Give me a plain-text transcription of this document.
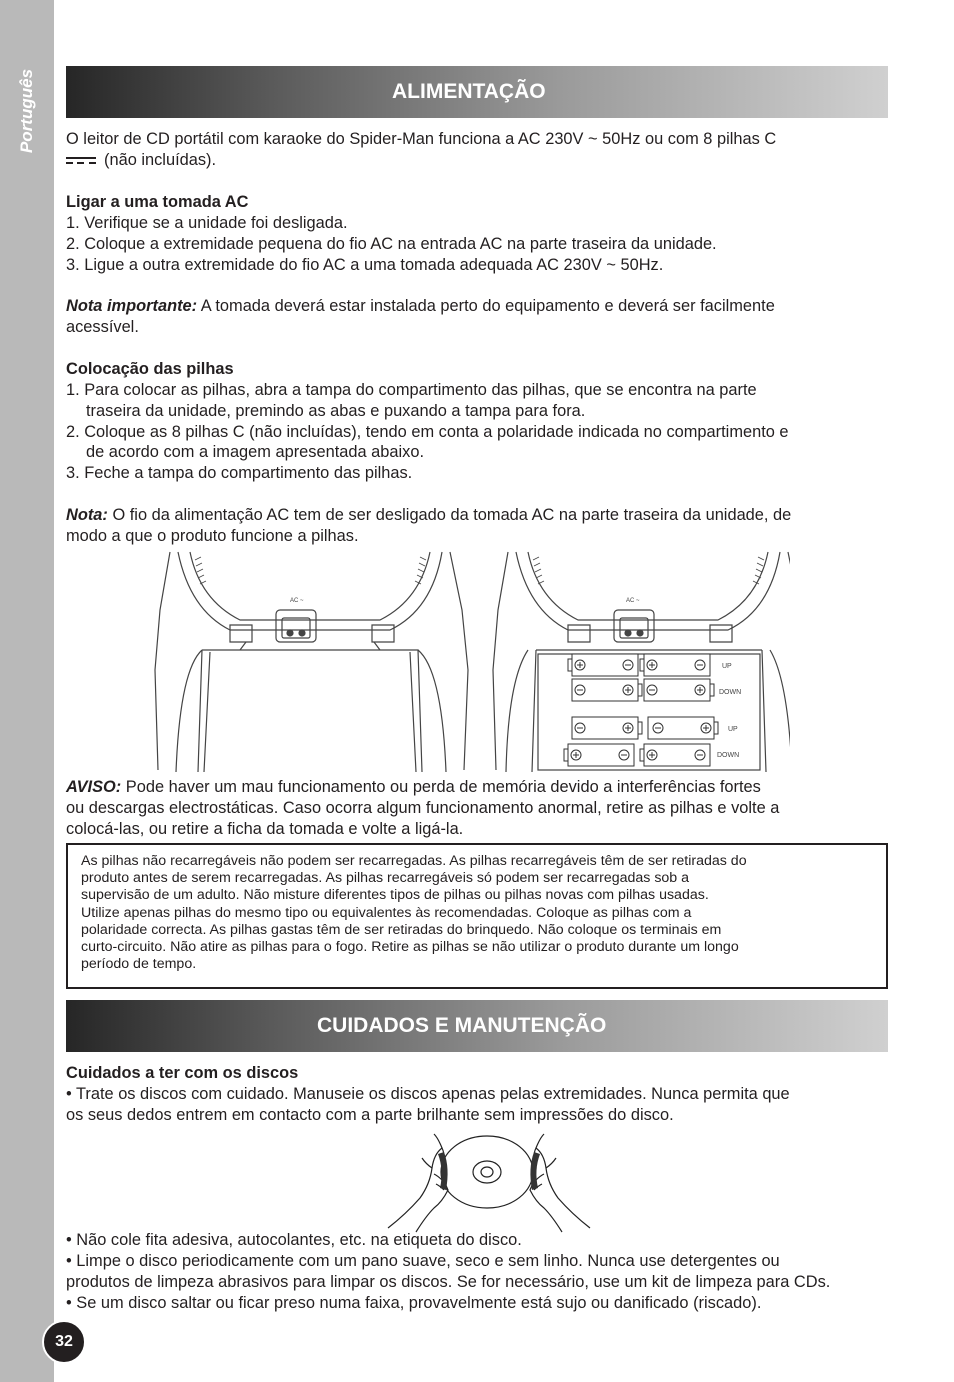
Português
32
ALIMENTAÇÃO
O leitor de CD portátil com karaoke do Spider-Man funciona a AC 230V ~ 50Hz ou com 8 pilhas C
(não incluídas).
Ligar a uma tomada AC
1. Verifique se a unidade foi desligada.
2. Coloque a extremidade pequena do fio AC na entrada AC na parte traseira da unidade.
3. Ligue a outra extremidade do fio AC a uma tomada adequada AC 230V ~ 50Hz.
Nota importante: A tomada deverá estar instalada perto do equipamento e deverá ser facilmente
acessível.
Colocação das pilhas
1. Para colocar as pilhas, abra a tampa do compartimento das pilhas, que se encontra na parte
traseira da unidade, premindo as abas e puxando a tampa para fora.
2. Coloque as 8 pilhas C (não incluídas), tendo em conta a polaridade indicada no compartimento e
de acordo com a imagem apresentada abaixo.
3. Feche a tampa do compartimento das pilhas.
Nota: O fio da alimentação AC tem de ser desligado da tomada AC na parte traseira da unidade, de
modo a que o produto funcione a pilhas.
AC ~	AC ~
UP
DOWN
UP
DOWN
AVISO: Pode haver um mau funcionamento ou perda de memória devido a interferências fortes
ou descargas electrostáticas. Caso ocorra algum funcionamento anormal, retire as pilhas e volte a
colocá-las, ou retire a ficha da tomada e volte a ligá-la.
As pilhas não recarregáveis não podem ser recarregadas. As pilhas recarregáveis têm de ser retiradas do
produto antes de serem recarregadas. As pilhas recarregáveis só podem ser recarregadas sob a
supervisão de um adulto. Não misture diferentes tipos de pilhas ou pilhas novas com pilhas usadas.
Utilize apenas pilhas do mesmo tipo ou equivalentes às recomendadas. Coloque as pilhas com a
polaridade correcta. As pilhas gastas têm de ser retiradas do brinquedo. Não coloque os terminais em
curto-circuito. Não atire as pilhas para o fogo. Retire as pilhas se não utilizar o produto durante um longo
período de tempo.
CUIDADOS E MANUTENÇÃO
Cuidados a ter com os discos
• Trate os discos com cuidado. Manuseie os discos apenas pelas extremidades. Nunca permita que
os seus dedos entrem em contacto com a parte brilhante sem impressões do disco.
• Não cole fita adesiva, autocolantes, etc. na etiqueta do disco.
• Limpe o disco periodicamente com um pano suave, seco e sem linho. Nunca use detergentes ou
produtos de limpeza abrasivos para limpar os discos. Se for necessário, use um kit de limpeza para CDs.
• Se um disco saltar ou ficar preso numa faixa, provavelmente está sujo ou danificado (riscado).
